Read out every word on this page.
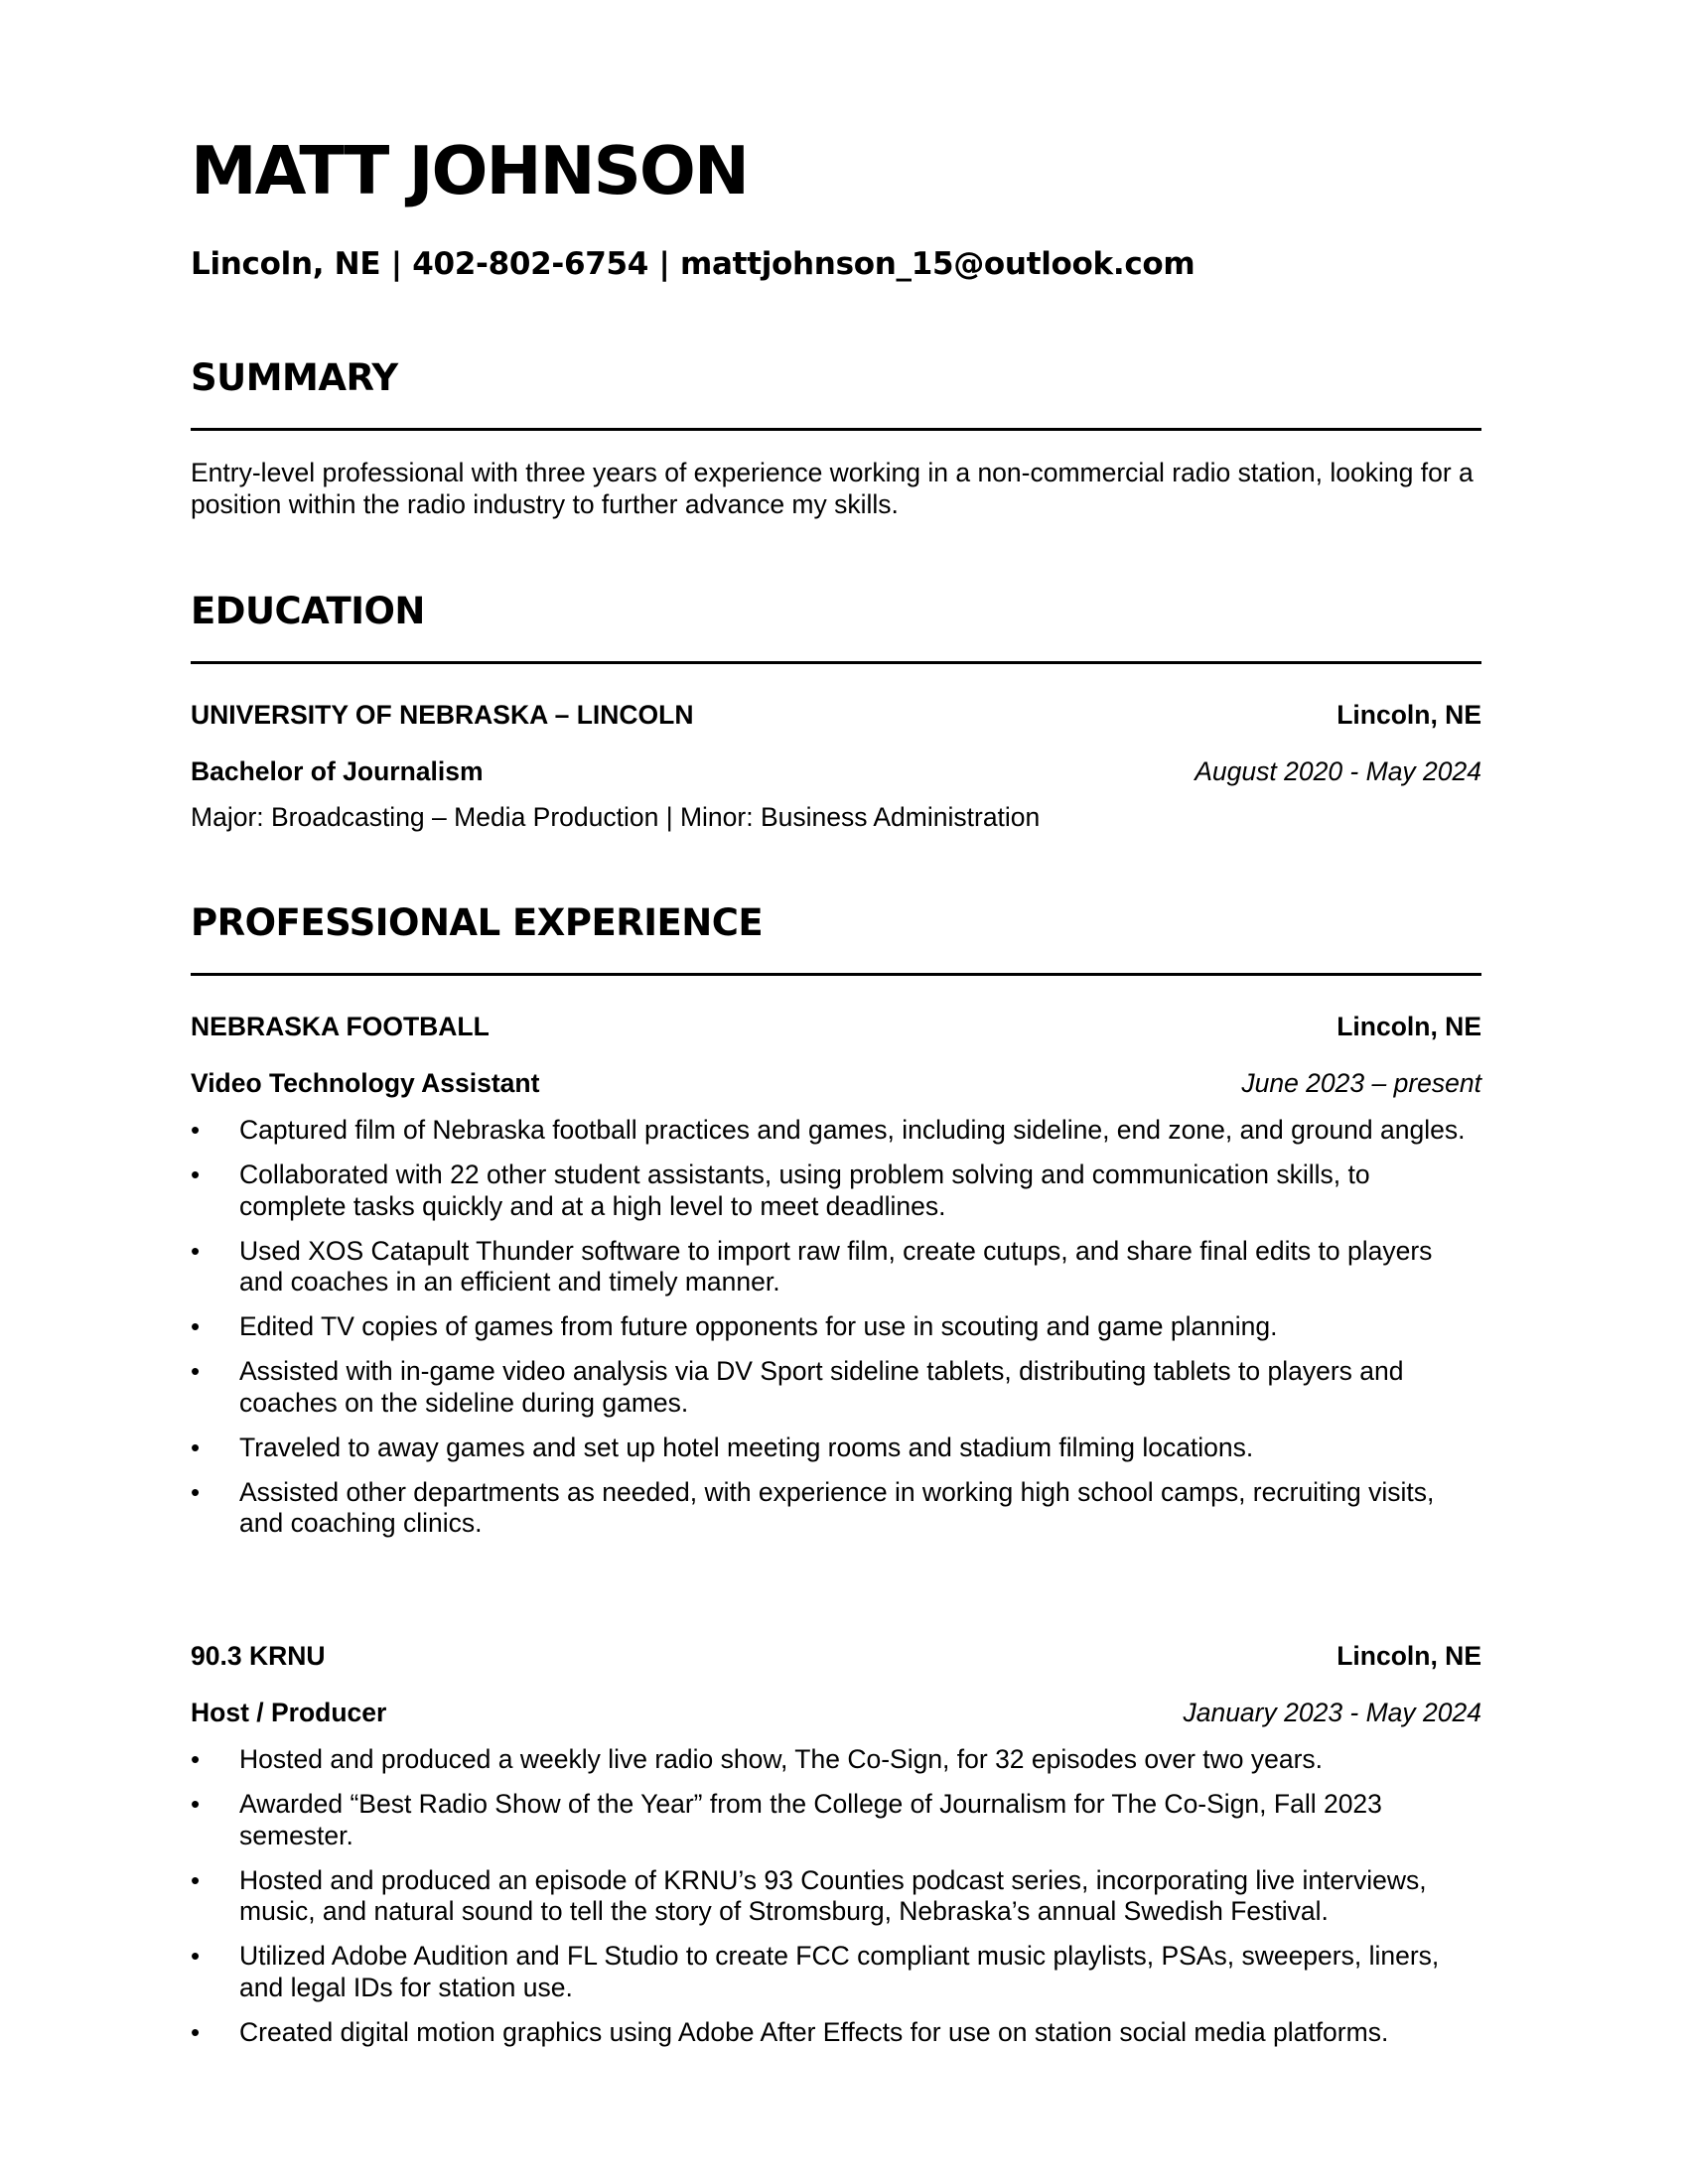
MATT JOHNSON

Lincoln, NE | 402-802-6754 | mattjohnson_15@outlook.com

SUMMARY

Entry-level professional with three years of experience working in a non-commercial radio station, looking for a position within the radio industry to further advance my skills.

EDUCATION
UNIVERSITY OF NEBRASKA – LINCOLN	Lincoln, NE
Bachelor of Journalism	August 2020 - May 2024
Major: Broadcasting – Media Production | Minor: Business Administration
PROFESSIONAL EXPERIENCE
NEBRASKA FOOTBALL	Lincoln, NE
Video Technology Assistant	June 2023 – present
• Captured film of Nebraska football practices and games, including sideline, end zone, and ground angles.
• Collaborated with 22 other student assistants, using problem solving and communication skills, to complete tasks quickly and at a high level to meet deadlines.
• Used XOS Catapult Thunder software to import raw film, create cutups, and share final edits to players and coaches in an efficient and timely manner.
• Edited TV copies of games from future opponents for use in scouting and game planning.
• Assisted with in-game video analysis via DV Sport sideline tablets, distributing tablets to players and coaches on the sideline during games.
• Traveled to away games and set up hotel meeting rooms and stadium filming locations.
• Assisted other departments as needed, with experience in working high school camps, recruiting visits, and coaching clinics.
90.3 KRNU	Lincoln, NE
Host / Producer	January 2023 - May 2024
• Hosted and produced a weekly live radio show, The Co-Sign, for 32 episodes over two years.
• Awarded “Best Radio Show of the Year” from the College of Journalism for The Co-Sign, Fall 2023 semester.
• Hosted and produced an episode of KRNU’s 93 Counties podcast series, incorporating live interviews, music, and natural sound to tell the story of Stromsburg, Nebraska’s annual Swedish Festival.
• Utilized Adobe Audition and FL Studio to create FCC compliant music playlists, PSAs, sweepers, liners, and legal IDs for station use.
• Created digital motion graphics using Adobe After Effects for use on station social media platforms.
